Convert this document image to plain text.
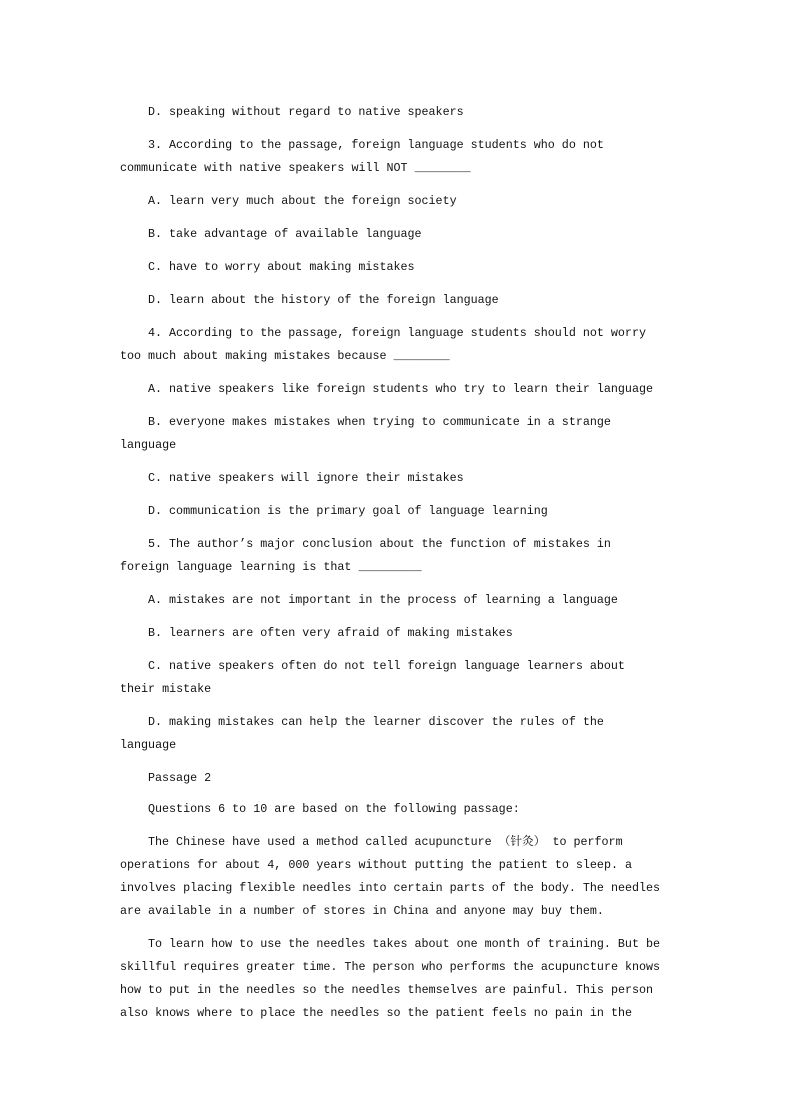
D. speaking without regard to native speakers

3. According to the passage, foreign language students who do not
communicate with native speakers will NOT ________

A. learn very much about the foreign society

B. take advantage of available language

C. have to worry about making mistakes

D. learn about the history of the foreign language

4. According to the passage, foreign language students should not worry
too much about making mistakes because ________

A. native speakers like foreign students who try to learn their language

B. everyone makes mistakes when trying to communicate in a strange
language

C. native speakers will ignore their mistakes

D. communication is the primary goal of language learning

5. The author’s major conclusion about the function of mistakes in
foreign language learning is that _________

A. mistakes are not important in the process of learning a language

B. learners are often very afraid of making mistakes

C. native speakers often do not tell foreign language learners about
their mistake

D. making mistakes can help the learner discover the rules of the
language

Passage 2

Questions 6 to 10 are based on the following passage:

The Chinese have used a method called acupuncture （针灸） to perform
operations for about 4, 000 years without putting the patient to sleep. a
involves placing flexible needles into certain parts of the body. The needles
are available in a number of stores in China and anyone may buy them.

To learn how to use the needles takes about one month of training. But be
skillful requires greater time. The person who performs the acupuncture knows
how to put in the needles so the needles themselves are painful. This person
also knows where to place the needles so the patient feels no pain in the
